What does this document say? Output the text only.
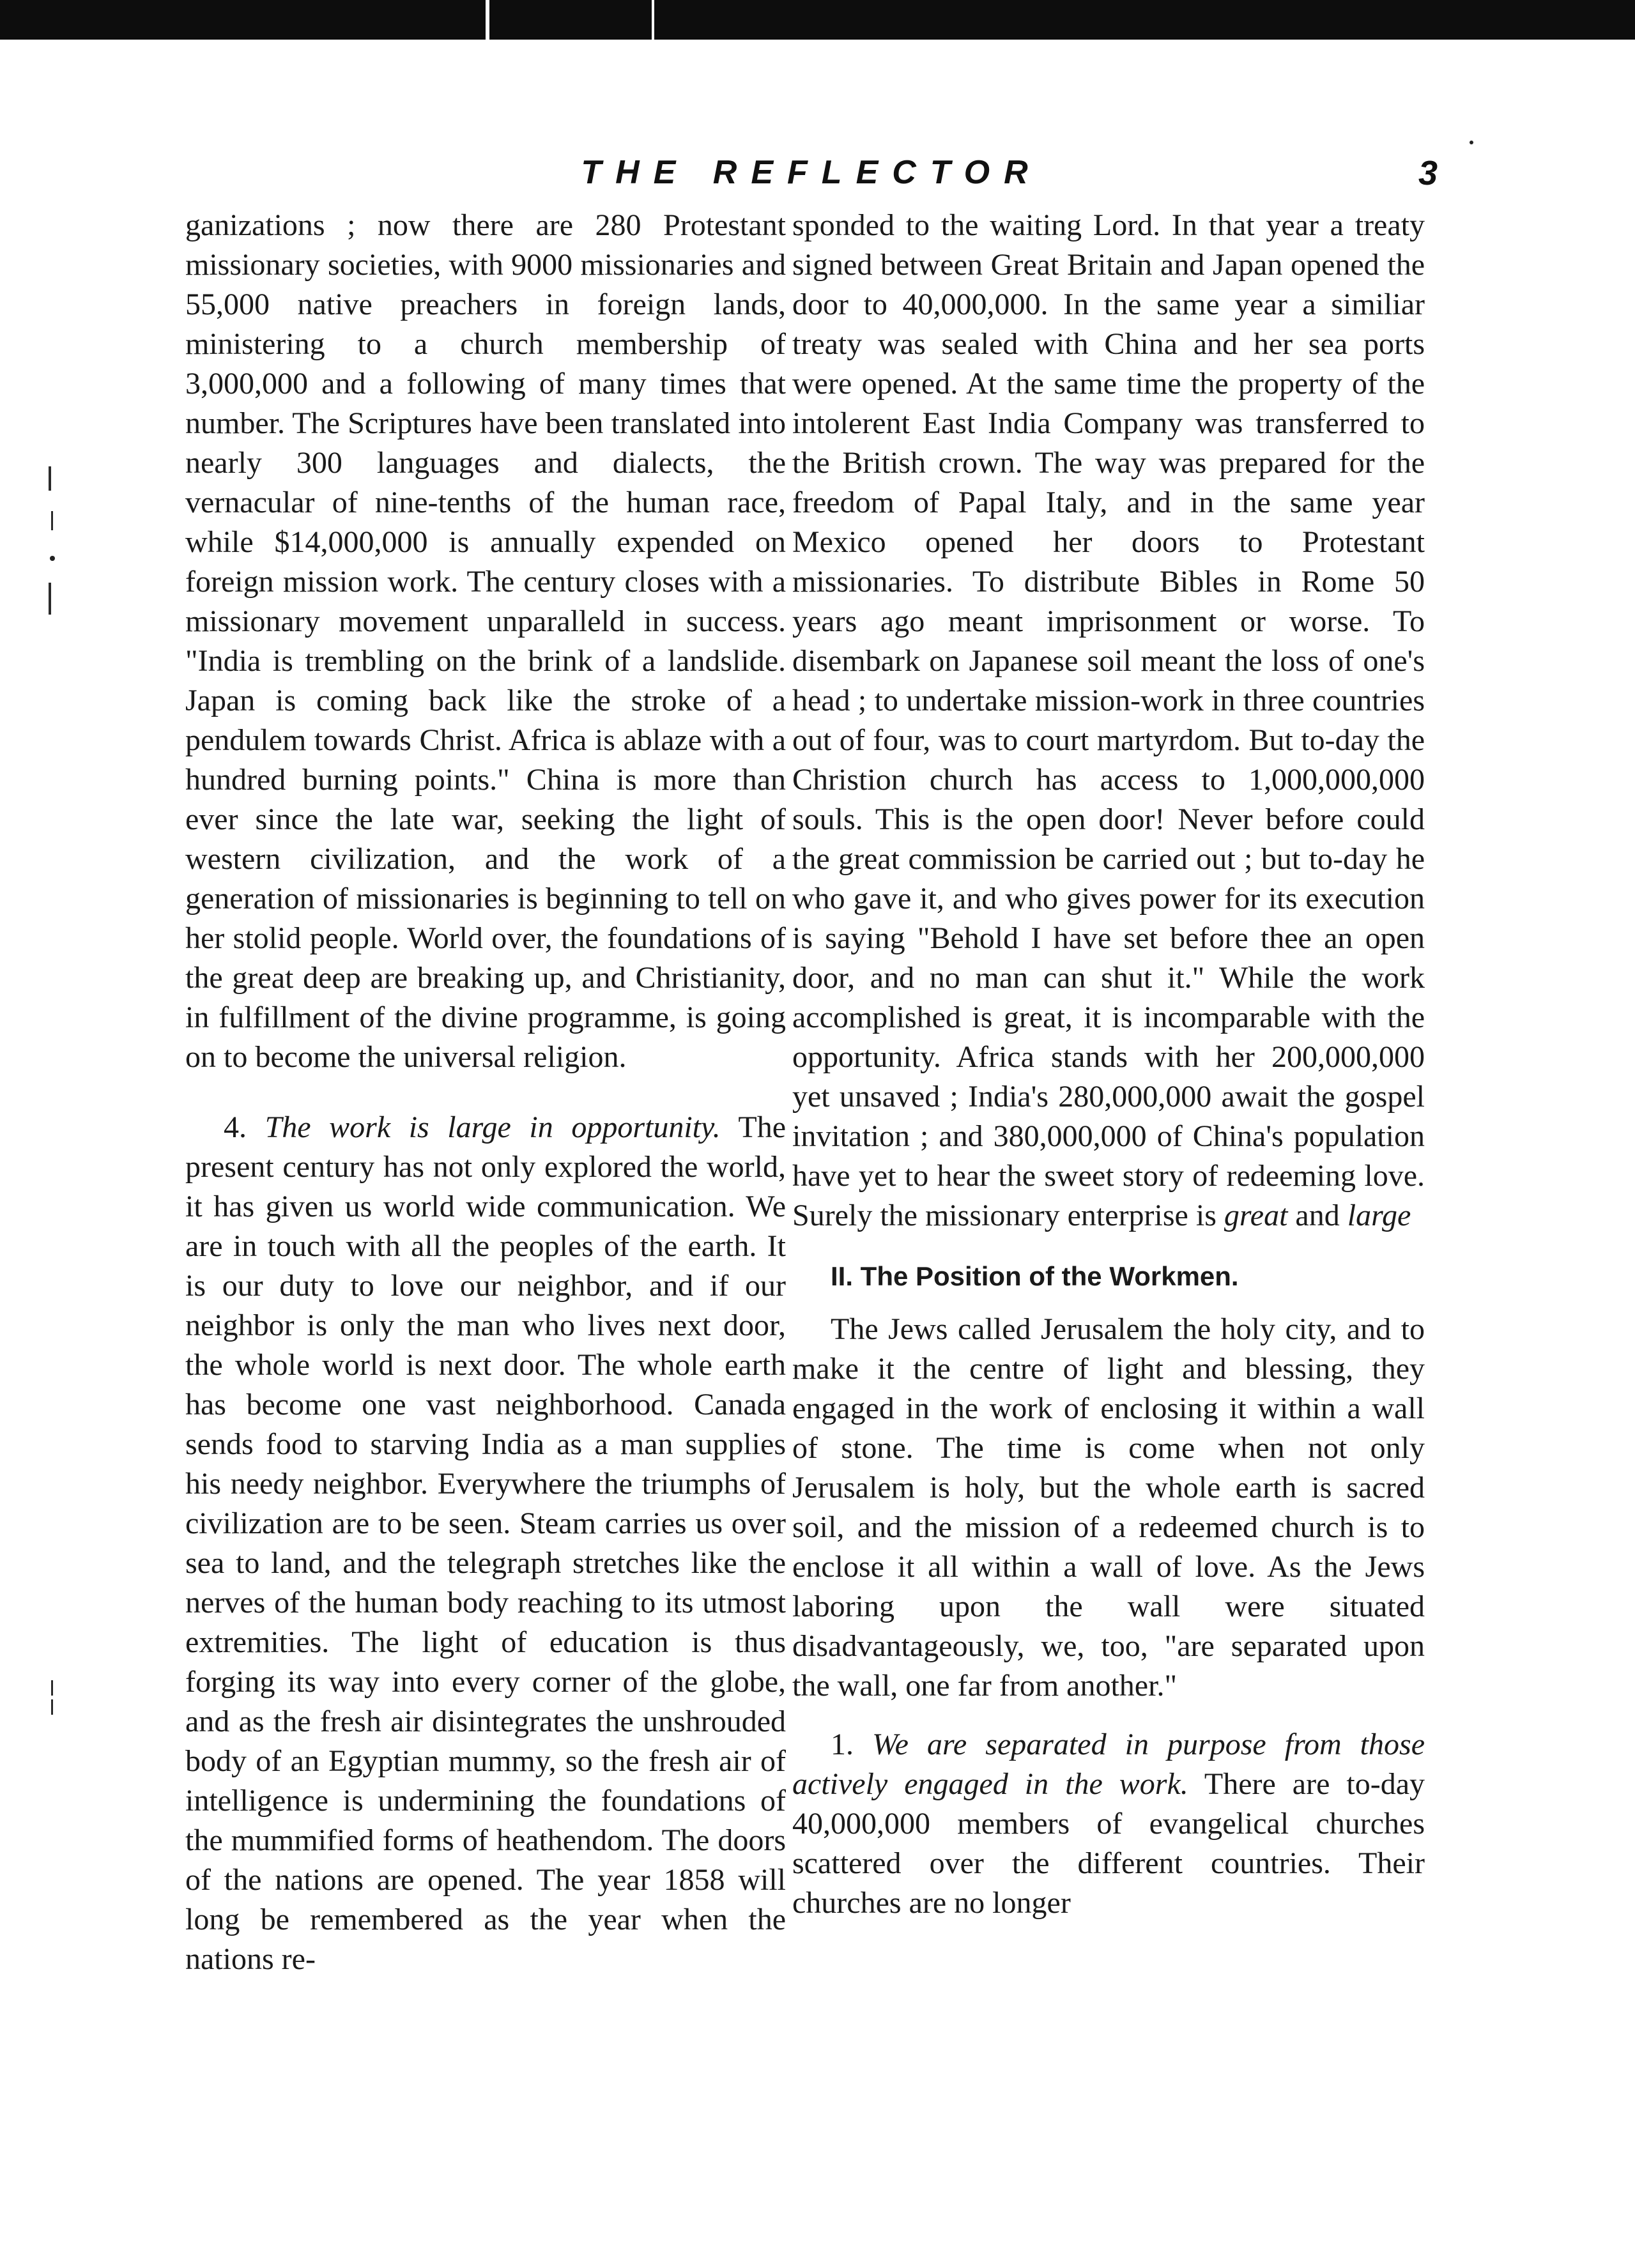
THE REFLECTOR	3

ganizations ; now there are 280 Protestant missionary societies, with 9000 missionaries and 55,000 native preachers in foreign lands, ministering to a church membership of 3,000,000 and a following of many times that number. The Scriptures have been translated into nearly 300 languages and dialects, the vernacular of nine-tenths of the human race, while $14,000,000 is annually expended on foreign mission work. The century closes with a missionary movement unparalleld in success. "India is trembling on the brink of a landslide. Japan is coming back like the stroke of a pendulem towards Christ. Africa is ablaze with a hundred burning points." China is more than ever since the late war, seeking the light of western civilization, and the work of a generation of missionaries is beginning to tell on her stolid people. World over, the foundations of the great deep are breaking up, and Christianity, in fulfillment of the divine programme, is going on to become the universal religion.

4. The work is large in opportunity. The present century has not only explored the world, it has given us world wide communication. We are in touch with all the peoples of the earth. It is our duty to love our neighbor, and if our neighbor is only the man who lives next door, the whole world is next door. The whole earth has become one vast neighborhood. Canada sends food to starving India as a man supplies his needy neighbor. Everywhere the triumphs of civilization are to be seen. Steam carries us over sea to land, and the telegraph stretches like the nerves of the human body reaching to its utmost extremities. The light of education is thus forging its way into every corner of the globe, and as the fresh air disintegrates the unshrouded body of an Egyptian mummy, so the fresh air of intelligence is undermining the foundations of the mummified forms of heathendom. The doors of the nations are opened. The year 1858 will long be remembered as the year when the nations re-

sponded to the waiting Lord. In that year a treaty signed between Great Britain and Japan opened the door to 40,000,000. In the same year a similiar treaty was sealed with China and her sea ports were opened. At the same time the property of the intolerent East India Company was transferred to the British crown. The way was prepared for the freedom of Papal Italy, and in the same year Mexico opened her doors to Protestant missionaries. To distribute Bibles in Rome 50 years ago meant imprisonment or worse. To disembark on Japanese soil meant the loss of one's head ; to undertake mission-work in three countries out of four, was to court martyrdom. But to-day the Christion church has access to 1,000,000,000 souls. This is the open door! Never before could the great commission be carried out ; but to-day he who gave it, and who gives power for its execution is saying "Behold I have set before thee an open door, and no man can shut it." While the work accomplished is great, it is incomparable with the opportunity. Africa stands with her 200,000,000 yet unsaved ; India's 280,000,000 await the gospel invitation ; and 380,000,000 of China's population have yet to hear the sweet story of redeeming love. Surely the missionary enterprise is great and large

II. The Position of the Workmen.

The Jews called Jerusalem the holy city, and to make it the centre of light and blessing, they engaged in the work of enclosing it within a wall of stone. The time is come when not only Jerusalem is holy, but the whole earth is sacred soil, and the mission of a redeemed church is to enclose it all within a wall of love. As the Jews laboring upon the wall were situated disadvantageously, we, too, "are separated upon the wall, one far from another."

1. We are separated in purpose from those actively engaged in the work. There are to-day 40,000,000 members of evangelical churches scattered over the different countries. Their churches are no longer
